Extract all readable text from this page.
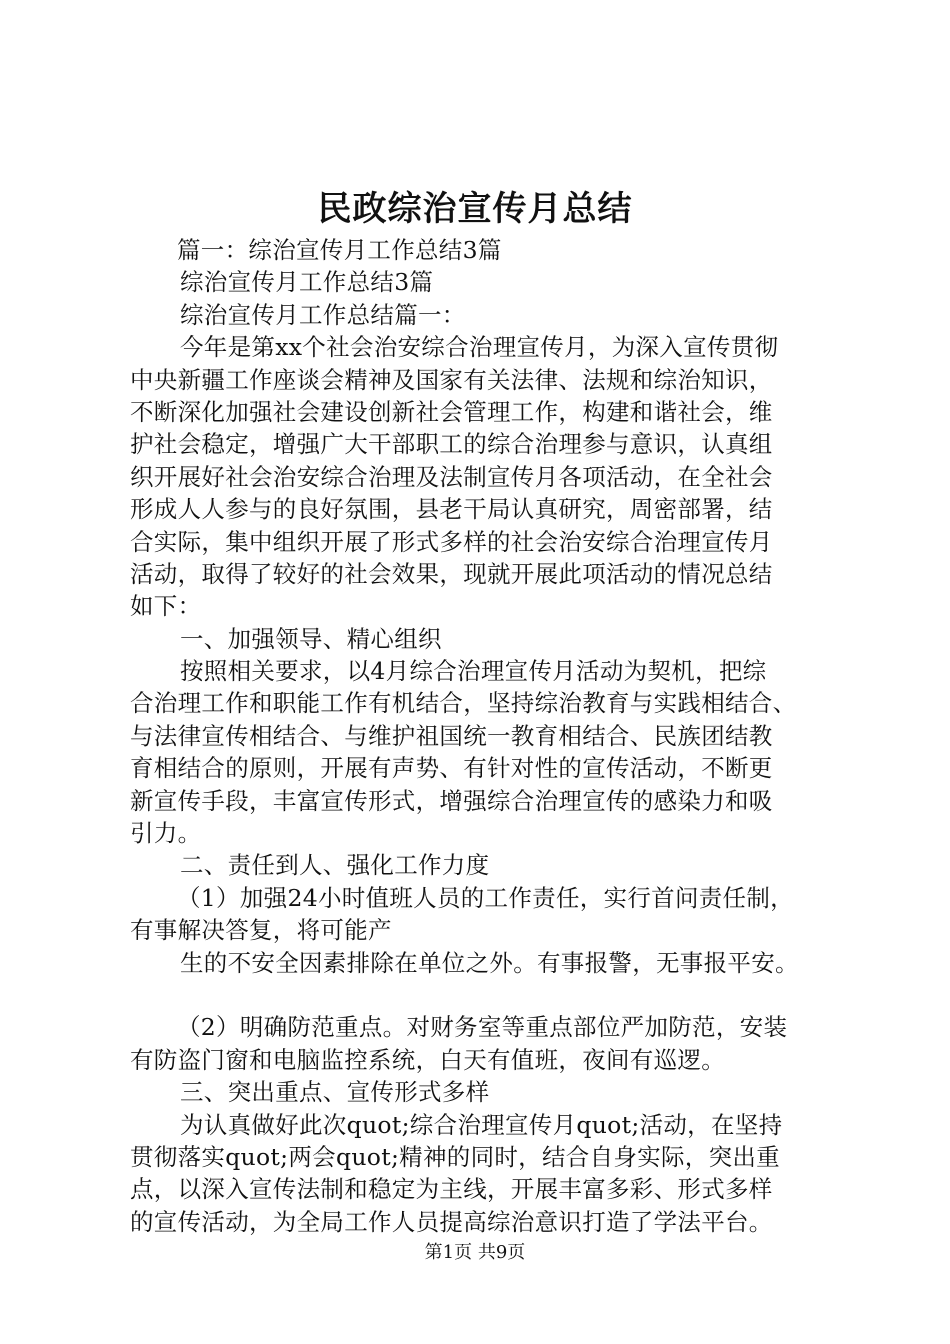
民政综治宣传月总结
篇一：综治宣传月工作总结3篇
综治宣传月工作总结3篇
综治宣传月工作总结篇一：
今年是第xx个社会治安综合治理宣传月，为深入宣传贯彻
中央新疆工作座谈会精神及国家有关法律、法规和综治知识，
不断深化加强社会建设创新社会管理工作，构建和谐社会，维
护社会稳定，增强广大干部职工的综合治理参与意识，认真组
织开展好社会治安综合治理及法制宣传月各项活动，在全社会
形成人人参与的良好氛围，县老干局认真研究，周密部署，结
合实际，集中组织开展了形式多样的社会治安综合治理宣传月
活动，取得了较好的社会效果，现就开展此项活动的情况总结
如下：
一、加强领导、精心组织
按照相关要求，以4月综合治理宣传月活动为契机，把综
合治理工作和职能工作有机结合，坚持综治教育与实践相结合、
与法律宣传相结合、与维护祖国统一教育相结合、民族团结教
育相结合的原则，开展有声势、有针对性的宣传活动，不断更
新宣传手段，丰富宣传形式，增强综合治理宣传的感染力和吸
引力。
二、责任到人、强化工作力度
（1）加强24小时值班人员的工作责任，实行首问责任制，
有事解决答复，将可能产
生的不安全因素排除在单位之外。有事报警，无事报平安。
（2）明确防范重点。对财务室等重点部位严加防范，安装
有防盗门窗和电脑监控系统，白天有值班，夜间有巡逻。
三、突出重点、宣传形式多样
为认真做好此次quot;综合治理宣传月quot;活动，在坚持
贯彻落实quot;两会quot;精神的同时，结合自身实际，突出重
点，以深入宣传法制和稳定为主线，开展丰富多彩、形式多样
的宣传活动，为全局工作人员提高综治意识打造了学法平台。
第1页 共9页
